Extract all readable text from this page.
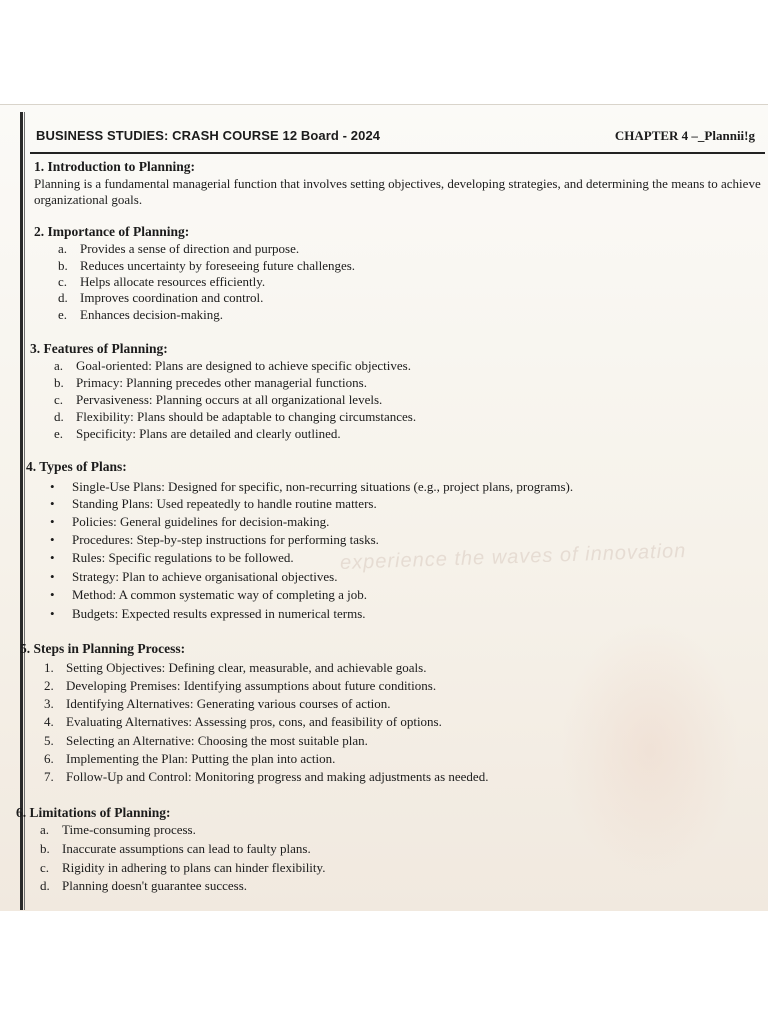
BUSINESS STUDIES: CRASH COURSE 12 Board - 2024	CHAPTER 4 –_Plannii!g
experience the waves of innovation
1. Introduction to Planning:
Planning is a fundamental managerial function that involves setting objectives, developing strategies, and determining the means to achieve organizational goals.
2. Importance of Planning:
a. Provides a sense of direction and purpose.
b. Reduces uncertainty by foreseeing future challenges.
c. Helps allocate resources efficiently.
d. Improves coordination and control.
e. Enhances decision-making.
3. Features of Planning:
a. Goal-oriented: Plans are designed to achieve specific objectives.
b. Primacy: Planning precedes other managerial functions.
c. Pervasiveness: Planning occurs at all organizational levels.
d. Flexibility: Plans should be adaptable to changing circumstances.
e. Specificity: Plans are detailed and clearly outlined.
4. Types of Plans:
• Single-Use Plans: Designed for specific, non-recurring situations (e.g., project plans, programs).
• Standing Plans: Used repeatedly to handle routine matters.
• Policies: General guidelines for decision-making.
• Procedures: Step-by-step instructions for performing tasks.
• Rules: Specific regulations to be followed.
• Strategy: Plan to achieve organisational objectives.
• Method: A common systematic way of completing a job.
• Budgets: Expected results expressed in numerical terms.
5. Steps in Planning Process:
1. Setting Objectives: Defining clear, measurable, and achievable goals.
2. Developing Premises: Identifying assumptions about future conditions.
3. Identifying Alternatives: Generating various courses of action.
4. Evaluating Alternatives: Assessing pros, cons, and feasibility of options.
5. Selecting an Alternative: Choosing the most suitable plan.
6. Implementing the Plan: Putting the plan into action.
7. Follow-Up and Control: Monitoring progress and making adjustments as needed.
6. Limitations of Planning:
a. Time-consuming process.
b. Inaccurate assumptions can lead to faulty plans.
c. Rigidity in adhering to plans can hinder flexibility.
d. Planning doesn't guarantee success.
